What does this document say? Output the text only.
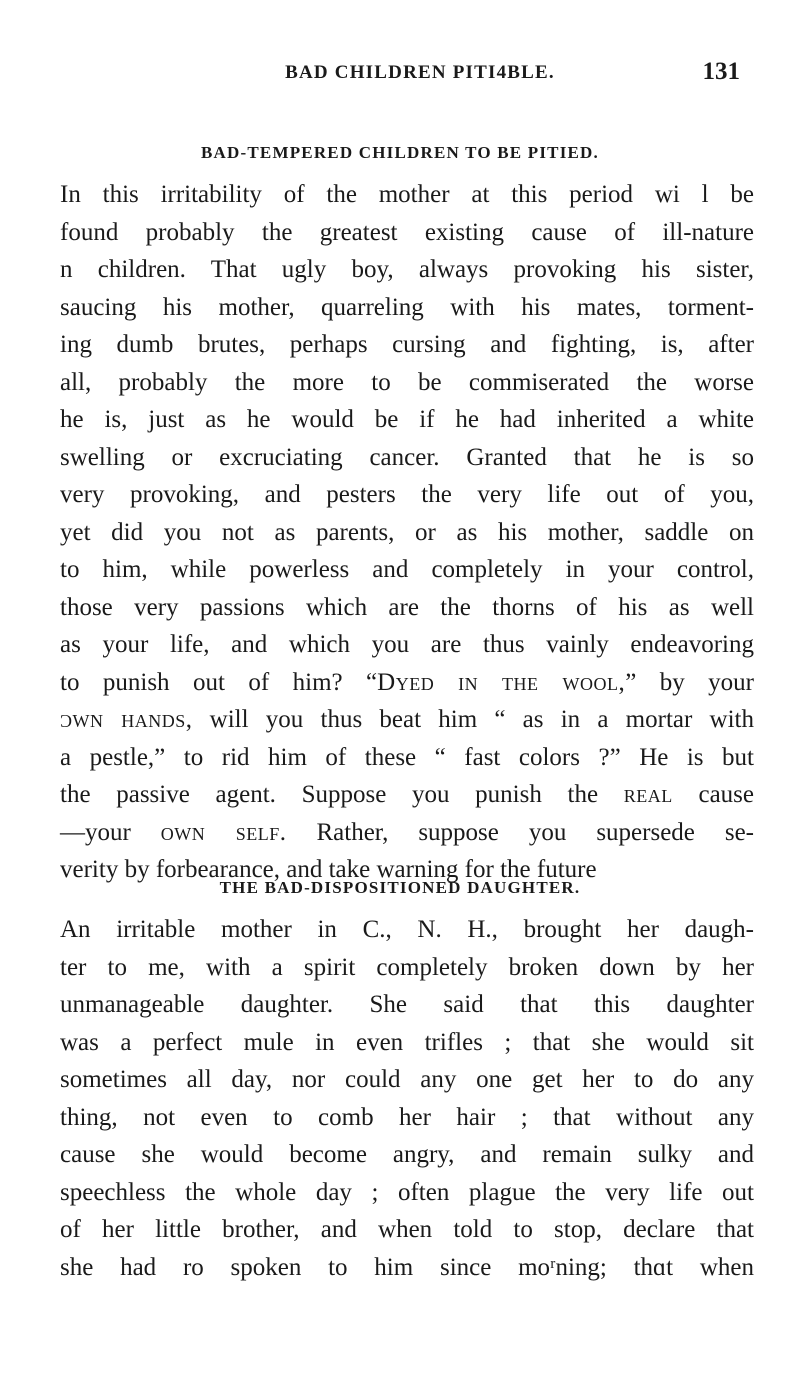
BAD CHILDREN PITI4BLE.	131
BAD-TEMPERED CHILDREN TO BE PITIED.
In this irritability of the mother at this period wi l be
found probably the greatest existing cause of ill-nature
n children. That ugly boy, always provoking his sister,
saucing his mother, quarreling with his mates, torment-
ing dumb brutes, perhaps cursing and fighting, is, after
all, probably the more to be commiserated the worse
he is, just as he would be if he had inherited a white
swelling or excruciating cancer. Granted that he is so
very provoking, and pesters the very life out of you,
yet did you not as parents, or as his mother, saddle on
to him, while powerless and completely in your control,
those very passions which are the thorns of his as well
as your life, and which you are thus vainly endeavoring
to punish out of him? “Dyed in the wool,” by your
ɔwn hands, will you thus beat him “ as in a mortar with
a pestle,” to rid him of these “ fast colors ?” He is but
the passive agent. Suppose you punish the real cause
—your own self. Rather, suppose you supersede se-
verity by forbearance, and take warning for the future
THE BAD-DISPOSITIONED DAUGHTER.
An irritable mother in C., N. H., brought her daugh-
ter to me, with a spirit completely broken down by her
unmanageable daughter. She said that this daughter
was a perfect mule in even trifles ; that she would sit
sometimes all day, nor could any one get her to do any
thing, not even to comb her hair ; that without any
cause she would become angry, and remain sulky and
speechless the whole day ; often plague the very life out
of her little brother, and when told to stop, declare that
she had ro spoken to him since moʳning; thɑt when
